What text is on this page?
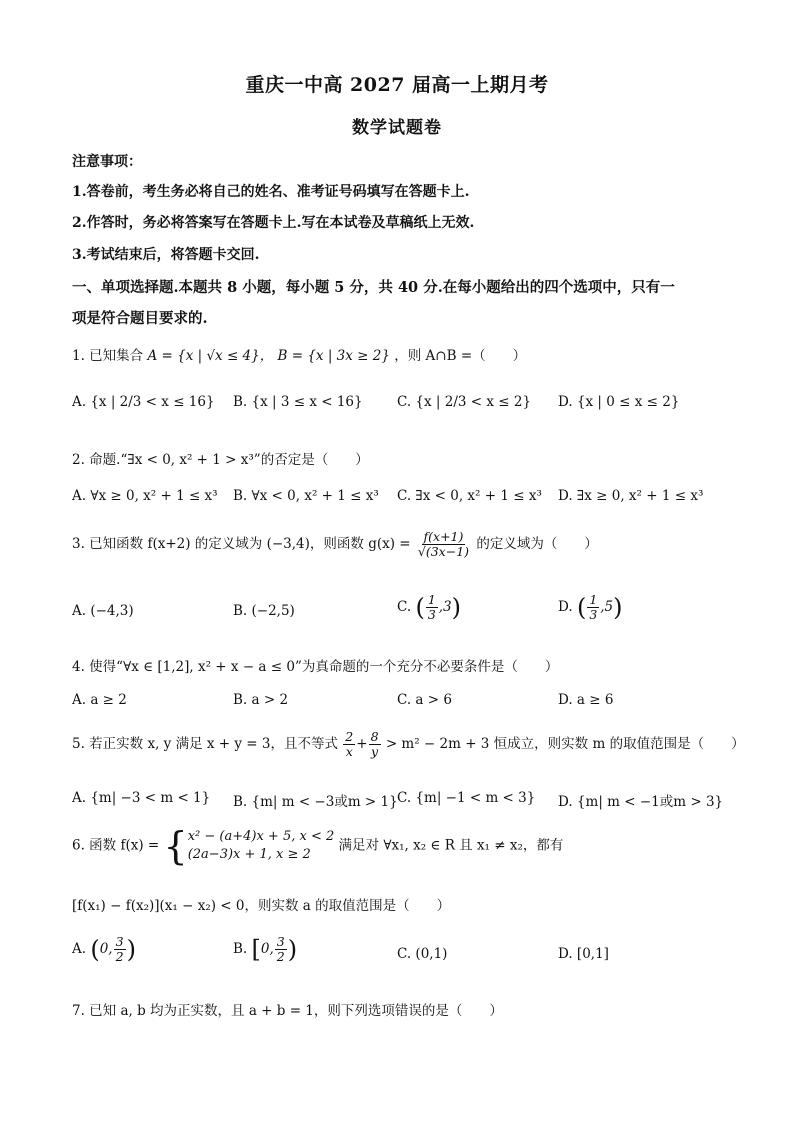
重庆一中高 2027 届高一上期月考
数学试题卷
注意事项：
1.答卷前，考生务必将自己的姓名、准考证号码填写在答题卡上.
2.作答时，务必将答案写在答题卡上.写在本试卷及草稿纸上无效.
3.考试结束后，将答题卡交回.
一、单项选择题.本题共 8 小题，每小题 5 分，共 40 分.在每小题给出的四个选项中，只有一
项是符合题目要求的.
1. 已知集合 A = {x | √x ≤ 4}， B = {x | 3x ≥ 2} ，则 A∩B =（　　）
A. {x | 2/3 < x ≤ 16} B. {x | 3 ≤ x < 16}	C. {x | 2/3 < x ≤ 2} D. {x | 0 ≤ x ≤ 2}
2. 命题.“∃x < 0, x² + 1 > x³”的否定是（　　）
A. ∀x ≥ 0, x² + 1 ≤ x³ B. ∀x < 0, x² + 1 ≤ x³ C. ∃x < 0, x² + 1 ≤ x³ D. ∃x ≥ 0, x² + 1 ≤ x³
3. 已知函数 f(x+2) 的定义域为 (−3,4)，则函数 $g(x) = \frac{f(x+1)}{√(3x-1)}$ 的定义域为（　　）
A. (−4,3)	B. (−2,5)	C. ( $\frac{1}{3} ,3$)	D. ( $\frac{1}{3} ,5$)
4. 使得“∀x ∈ [1,2], x² + x − a ≤ 0”为真命题的一个充分不必要条件是（　　）
A. a ≥ 2	B. a > 2	C. a > 6	D. a ≥ 6
5. 若正实数 x, y 满足 x + y = 3，且不等式 $\frac{2}{x} + \frac{8}{y} > m^2 - 2m + 3$ 恒成立，则实数 m 的取值范围是（　　）
A. {m| −3 < m < 1} B. {m| m < −3或m > 1} C. {m| −1 < m < 3} D. {m| m < −1或m > 3}
6. 函数 f(x) = { x² − (a+4)x + 5, x < 2
(2a−3)x + 1, x ≥ 2
满足对 ∀x₁, x₂ ∈ R 且 x₁ ≠ x₂，都有
[f(x₁) − f(x₂)](x₁ − x₂) < 0，则实数 a 的取值范围是（　　）
A. (0, $\frac{3}{2}$ )	B. [0, $\frac{3}{2}$ )	C. (0,1)	D. [0,1]
7. 已知 a, b 均为正实数，且 a + b = 1，则下列选项错误的是（　　）
